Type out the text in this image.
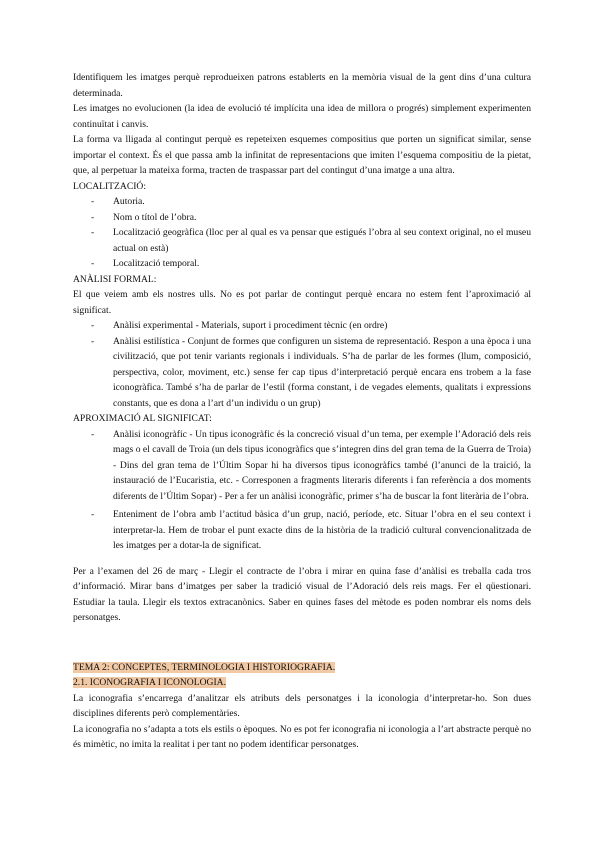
Identifiquem les imatges perquè reprodueixen patrons establerts en la memòria visual de la gent dins d’una cultura determinada.

Les imatges no evolucionen (la idea de evolució té implícita una idea de millora o progrés) simplement experimenten continuïtat i canvis.

La forma va lligada al contingut perquè es repeteixen esquemes compositius que porten un significat similar, sense importar el context. És el que passa amb la infinitat de representacions que imiten l’esquema compositiu de la pietat, que, al perpetuar la mateixa forma, tracten de traspassar part del contingut d’una imatge a una altra.

LOCALITZACIÓ:
- Autoria.
- Nom o títol de l’obra.
- Localització geogràfica (lloc per al qual es va pensar que estigués l’obra al seu context original, no el museu actual on està)
- Localització temporal.
ANÀLISI FORMAL:

El que veiem amb els nostres ulls. No es pot parlar de contingut perquè encara no estem fent l’aproximació al significat.

- Anàlisi experimental - Materials, suport i procediment tècnic (en ordre)
- Anàlisi estilística - Conjunt de formes que configuren un sistema de representació. Respon a una època i una civilització, que pot tenir variants regionals i individuals. S’ha de parlar de les formes (llum, composició, perspectiva, color, moviment, etc.) sense fer cap tipus d’interpretació perquè encara ens trobem a la fase iconogràfica. També s’ha de parlar de l’estil (forma constant, i de vegades elements, qualitats i expressions constants, que es dona a l’art d’un individu o un grup)
APROXIMACIÓ AL SIGNIFICAT:
- Anàlisi iconogràfic - Un tipus iconogràfic és la concreció visual d’un tema, per exemple l’Adoració dels reis mags o el cavall de Troia (un dels tipus iconogràfics que s’integren dins del gran tema de la Guerra de Troia) - Dins del gran tema de l’Últim Sopar hi ha diversos tipus iconogràfics també (l’anunci de la traició, la instauració de l’Eucaristia, etc. - Corresponen a fragments literaris diferents i fan referència a dos moments diferents de l’Últim Sopar) - Per a fer un anàlisi iconogràfic, primer s’ha de buscar la font literària de l’obra.
- Enteniment de l’obra amb l’actitud bàsica d’un grup, nació, període, etc. Situar l’obra en el seu context i interpretar-la. Hem de trobar el punt exacte dins de la història de la tradició cultural convencionalitzada de les imatges per a dotar-la de significat.

Per a l’examen del 26 de març - Llegir el contracte de l’obra i mirar en quina fase d’anàlisi es treballa cada tros d’informació. Mirar bans d’imatges per saber la tradició visual de l’Adoració dels reis mags. Fer el qüestionari. Estudiar la taula. Llegir els textos extracanònics. Saber en quines fases del mètode es poden nombrar els noms dels personatges.

TEMA 2: CONCEPTES, TERMINOLOGIA I HISTORIOGRAFIA.
2.1. ICONOGRAFIA I ICONOLOGIA.

La iconografia s’encarrega d’analitzar els atributs dels personatges i la iconologia d’interpretar-ho. Son dues disciplines diferents però complementàries.

La iconografia no s’adapta a tots els estils o èpoques. No es pot fer iconografia ni iconologia a l’art abstracte perquè no és mimètic, no imita la realitat i per tant no podem identificar personatges.
